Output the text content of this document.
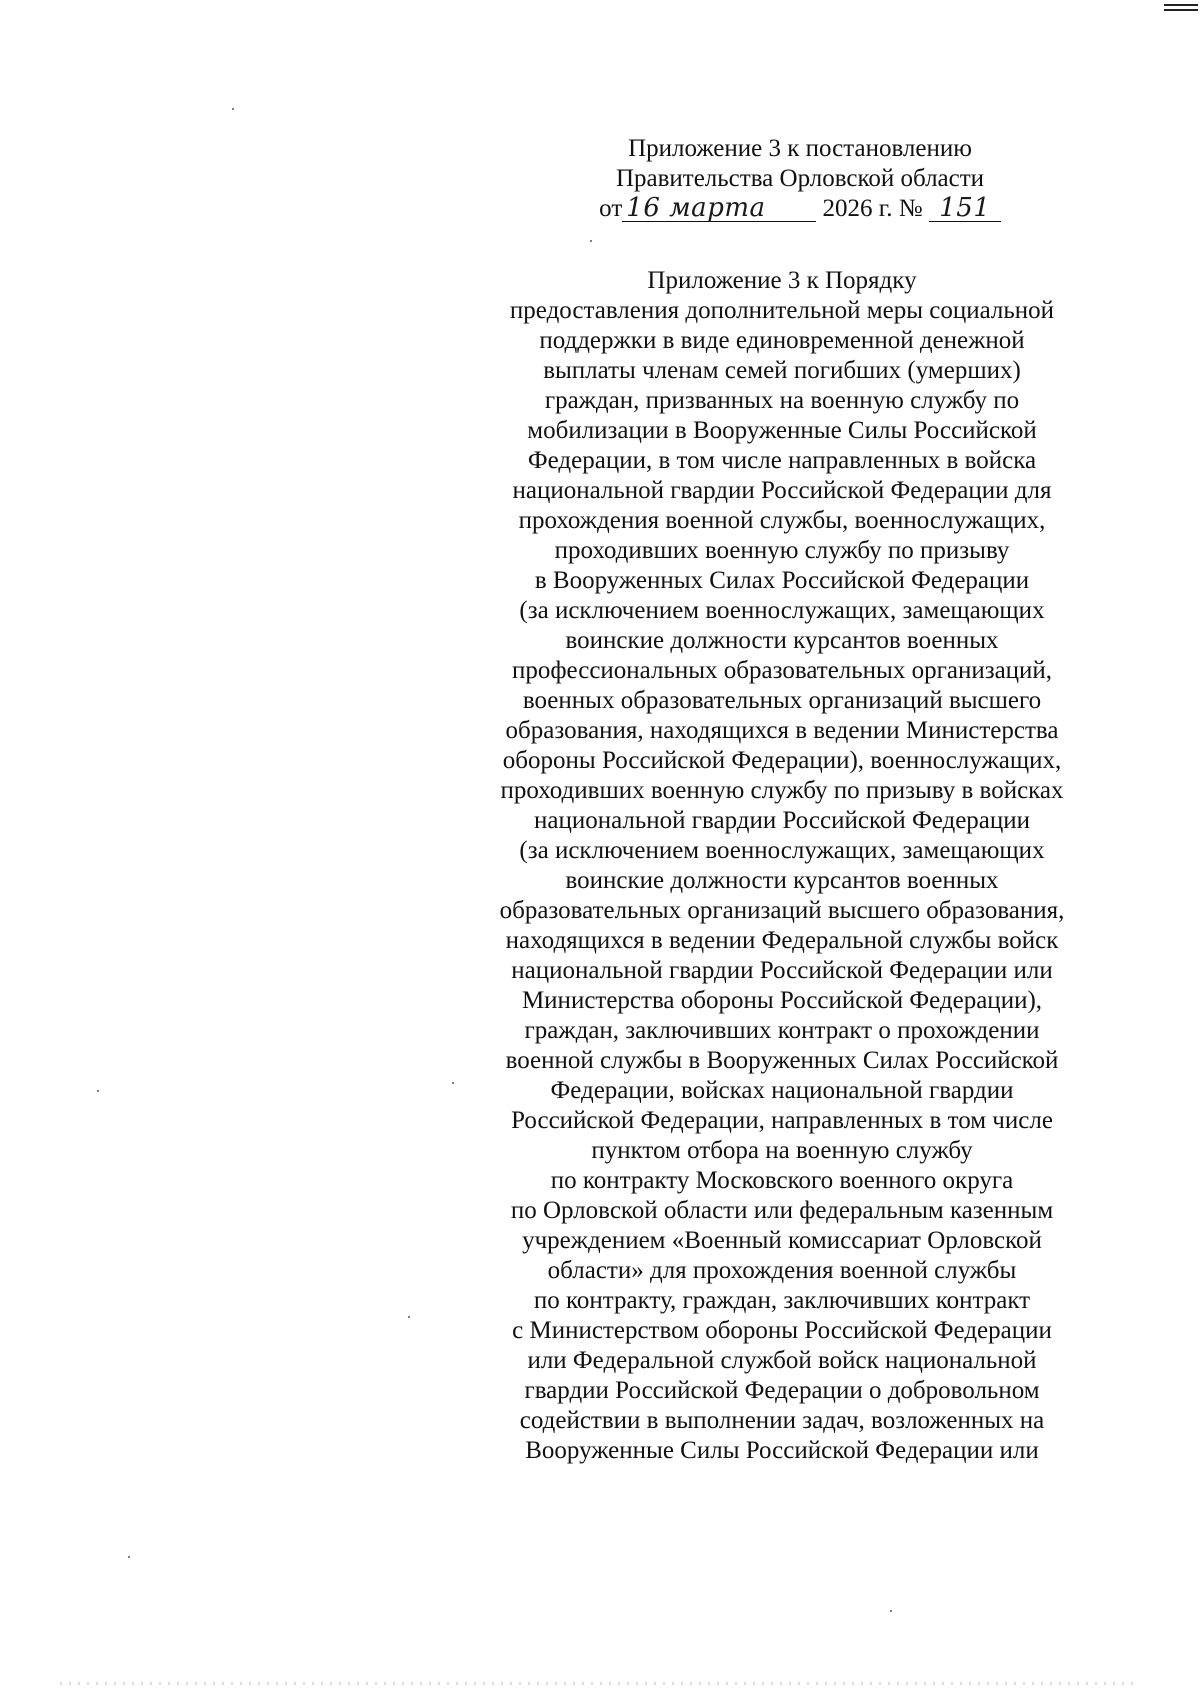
Приложение 3 к постановлению
Правительства Орловской области
от 16 марта 2026 г. № 151
Приложение 3 к Порядку
предоставления дополнительной меры социальной
поддержки в виде единовременной денежной
выплаты членам семей погибших (умерших)
граждан, призванных на военную службу по
мобилизации в Вооруженные Силы Российской
Федерации, в том числе направленных в войска
национальной гвардии Российской Федерации для
прохождения военной службы, военнослужащих,
проходивших военную службу по призыву
в Вооруженных Силах Российской Федерации
(за исключением военнослужащих, замещающих
воинские должности курсантов военных
профессиональных образовательных организаций,
военных образовательных организаций высшего
образования, находящихся в ведении Министерства
обороны Российской Федерации), военнослужащих,
проходивших военную службу по призыву в войсках
национальной гвардии Российской Федерации
(за исключением военнослужащих, замещающих
воинские должности курсантов военных
образовательных организаций высшего образования,
находящихся в ведении Федеральной службы войск
национальной гвардии Российской Федерации или
Министерства обороны Российской Федерации),
граждан, заключивших контракт о прохождении
военной службы в Вооруженных Силах Российской
Федерации, войсках национальной гвардии
Российской Федерации, направленных в том числе
пунктом отбора на военную службу
по контракту Московского военного округа
по Орловской области или федеральным казенным
учреждением «Военный комиссариат Орловской
области» для прохождения военной службы
по контракту, граждан, заключивших контракт
с Министерством обороны Российской Федерации
или Федеральной службой войск национальной
гвардии Российской Федерации о добровольном
содействии в выполнении задач, возложенных на
Вооруженные Силы Российской Федерации или
